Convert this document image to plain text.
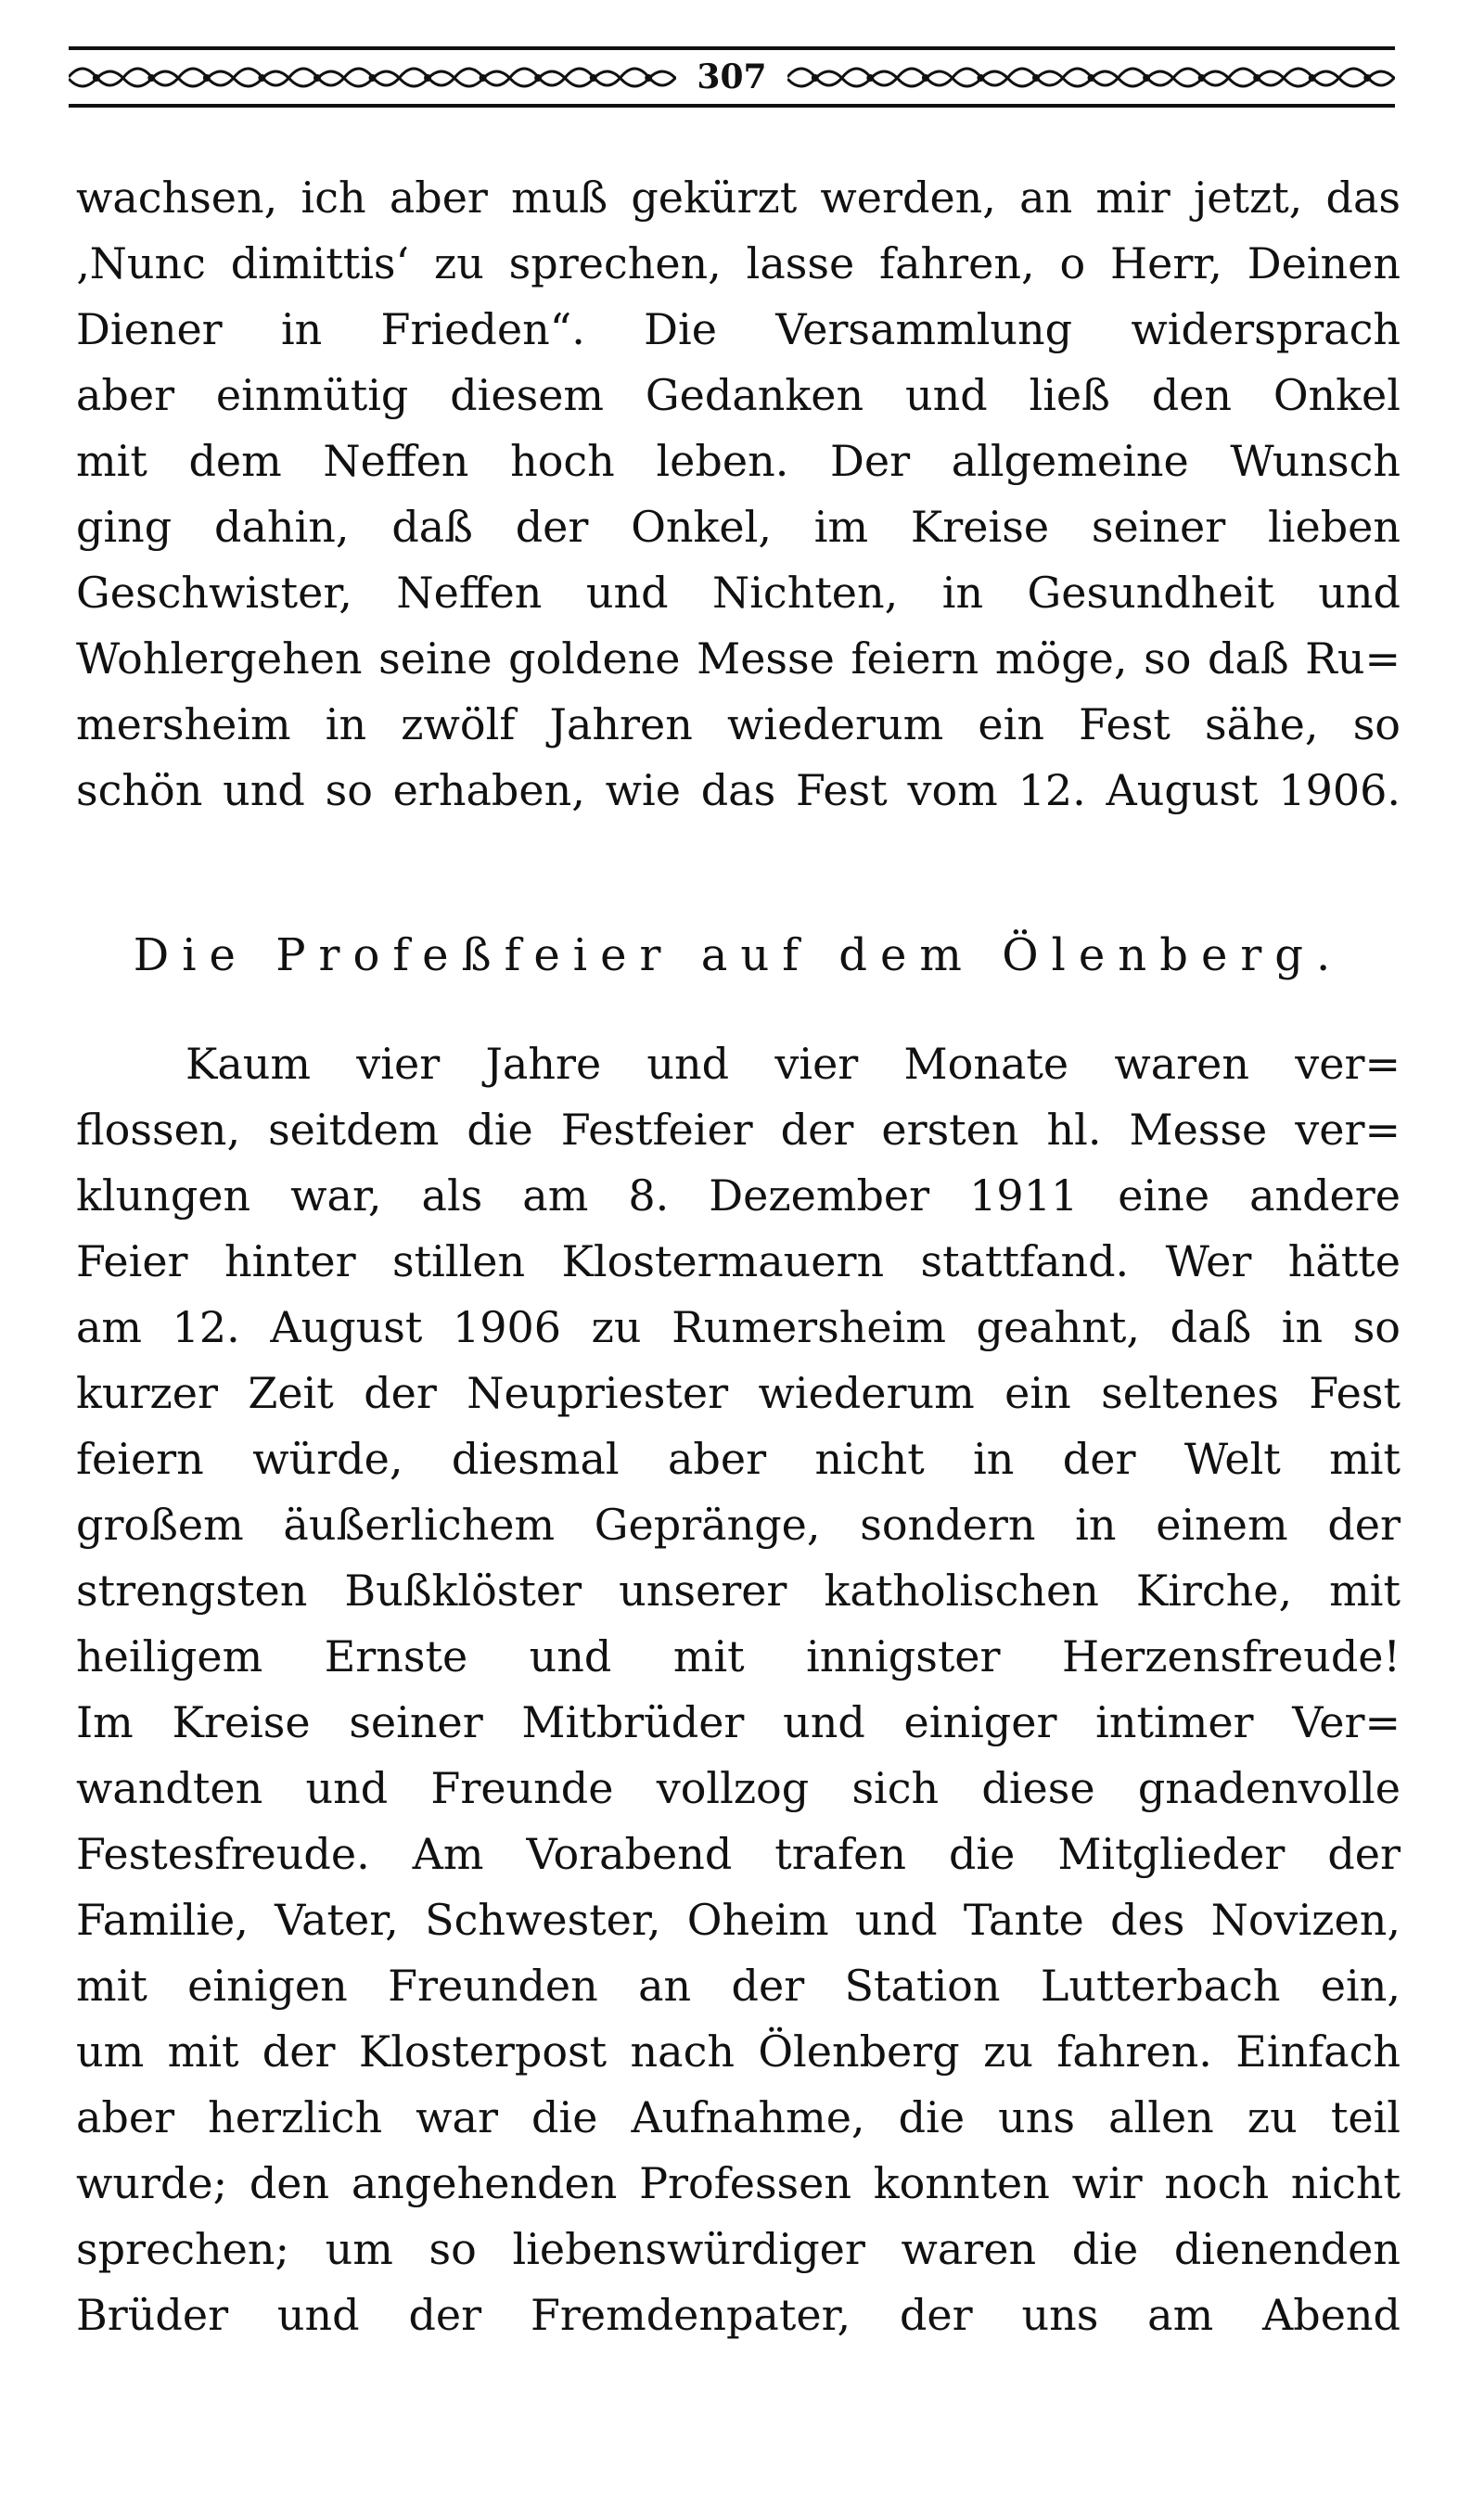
307
wachsen, ich aber muß gekürzt werden, an mir jetzt, das
‚Nunc dimittis‘ zu sprechen, lasse fahren, o Herr, Deinen
Diener in Frieden“. Die Versammlung widersprach
aber einmütig diesem Gedanken und ließ den Onkel
mit dem Neffen hoch leben. Der allgemeine Wunsch
ging dahin, daß der Onkel, im Kreise seiner lieben
Geschwister, Neffen und Nichten, in Gesundheit und
Wohlergehen seine goldene Messe feiern möge, so daß Ru=
mersheim in zwölf Jahren wiederum ein Fest sähe, so
schön und so erhaben, wie das Fest vom 12. August 1906.
Die Profeßfeier auf dem Ölenberg.
Kaum vier Jahre und vier Monate waren ver=
flossen, seitdem die Festfeier der ersten hl. Messe ver=
klungen war, als am 8. Dezember 1911 eine andere
Feier hinter stillen Klostermauern stattfand. Wer hätte
am 12. August 1906 zu Rumersheim geahnt, daß in so
kurzer Zeit der Neupriester wiederum ein seltenes Fest
feiern würde, diesmal aber nicht in der Welt mit
großem äußerlichem Gepränge, sondern in einem der
strengsten Bußklöster unserer katholischen Kirche, mit
heiligem Ernste und mit innigster Herzensfreude!
Im Kreise seiner Mitbrüder und einiger intimer Ver=
wandten und Freunde vollzog sich diese gnadenvolle
Festesfreude. Am Vorabend trafen die Mitglieder der
Familie, Vater, Schwester, Oheim und Tante des Novizen,
mit einigen Freunden an der Station Lutterbach ein,
um mit der Klosterpost nach Ölenberg zu fahren. Einfach
aber herzlich war die Aufnahme, die uns allen zu teil
wurde; den angehenden Professen konnten wir noch nicht
sprechen; um so liebenswürdiger waren die dienenden
Brüder und der Fremdenpater, der uns am Abend
